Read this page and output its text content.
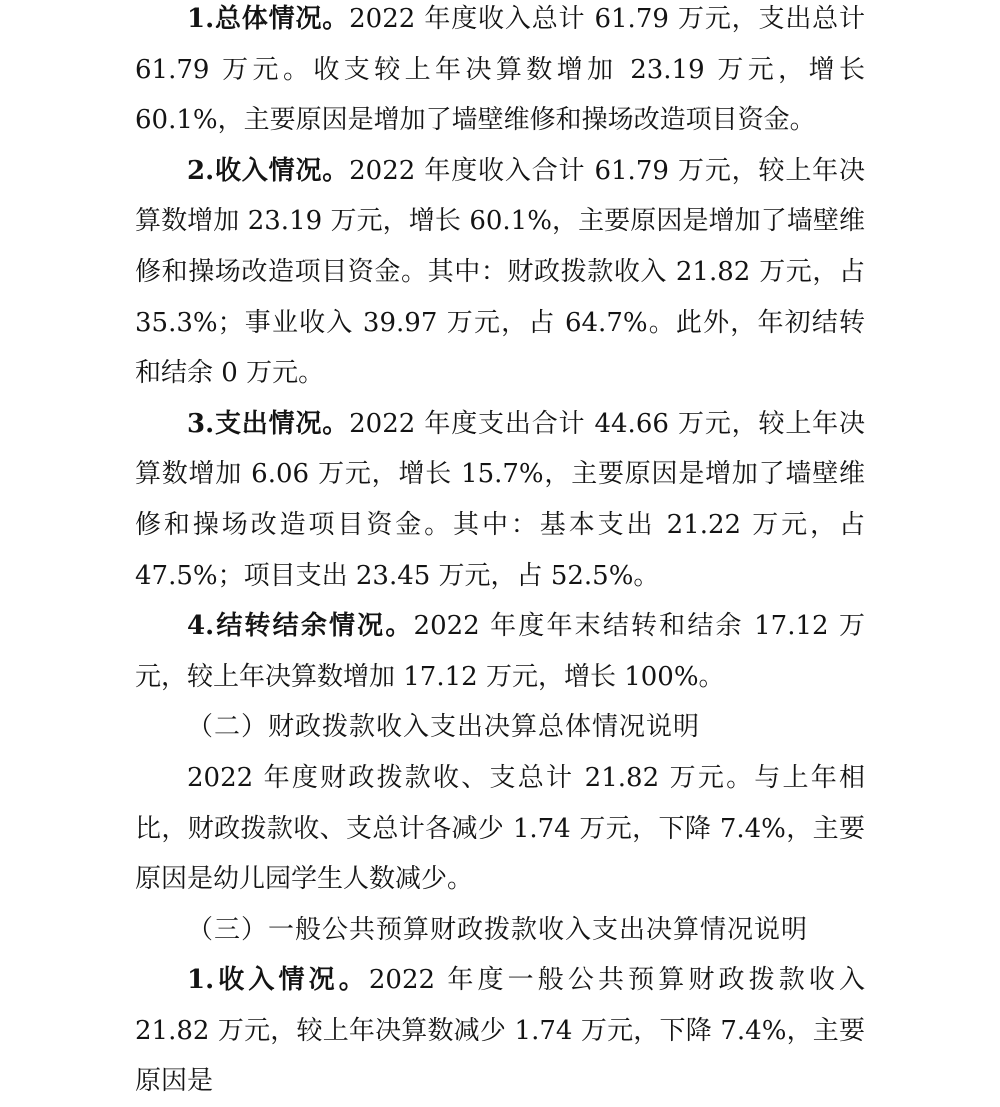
1.总体情况。2022 年度收入总计 61.79 万元，支出总计 61.79 万元。收支较上年决算数增加 23.19 万元，增长 60.1%，主要原因是增加了墙壁维修和操场改造项目资金。

2.收入情况。2022 年度收入合计 61.79 万元，较上年决算数增加 23.19 万元，增长 60.1%，主要原因是增加了墙壁维修和操场改造项目资金。其中：财政拨款收入 21.82 万元，占 35.3%；事业收入 39.97 万元，占 64.7%。此外，年初结转和结余 0 万元。

3.支出情况。2022 年度支出合计 44.66 万元，较上年决算数增加 6.06 万元，增长 15.7%，主要原因是增加了墙壁维修和操场改造项目资金。其中：基本支出 21.22 万元，占 47.5%；项目支出 23.45 万元，占 52.5%。

4.结转结余情况。2022 年度年末结转和结余 17.12 万元，较上年决算数增加 17.12 万元，增长 100%。

（二）财政拨款收入支出决算总体情况说明

2022 年度财政拨款收、支总计 21.82 万元。与上年相比，财政拨款收、支总计各减少 1.74 万元，下降 7.4%，主要原因是幼儿园学生人数减少。

（三）一般公共预算财政拨款收入支出决算情况说明

1.收入情况。2022 年度一般公共预算财政拨款收入 21.82 万元，较上年决算数减少 1.74 万元，下降 7.4%，主要原因是
